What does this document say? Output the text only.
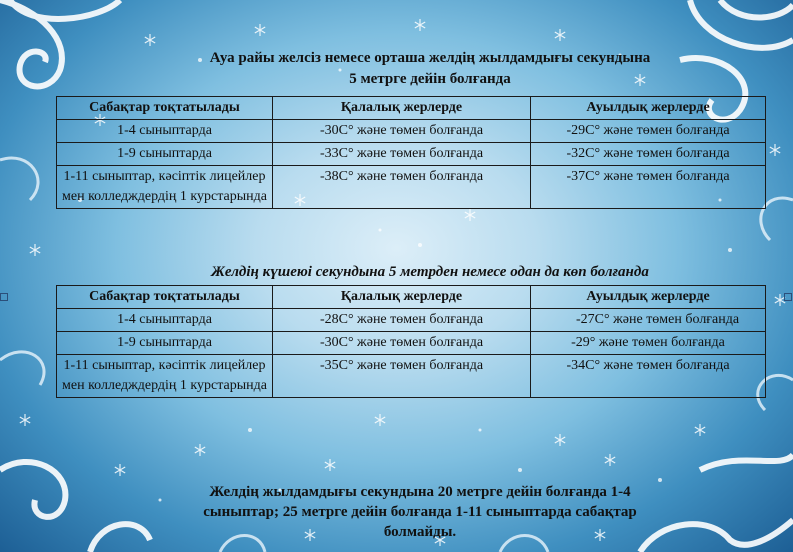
Ауа райы желсіз немесе орташа желдің жылдамдығы секундына
5 метрге дейін болғанда
Сабақтар тоқтатылады	Қалалық жерлерде	Ауылдық жерлерде
1-4 сыныптарда	-30С° және төмен болғанда	-29С° және төмен болғанда
1-9 сыныптарда	-33С° және төмен болғанда	-32С° және төмен болғанда
1-11 сыныптар, кәсіптік лицейлер мен колледждердің 1 курстарында	-38С° және төмен болғанда	-37С° және төмен болғанда
Желдің күшеюі секундына 5 метрден немесе одан да көп болғанда
Сабақтар тоқтатылады	Қалалық жерлерде	Ауылдық жерлерде
1-4 сыныптарда	-28С° және төмен болғанда	-27С° және төмен болғанда
1-9 сыныптарда	-30С° және төмен болғанда	-29° және төмен болғанда
1-11 сыныптар, кәсіптік лицейлер мен колледждердің 1 курстарында	-35С° және төмен болғанда	-34С° және төмен болғанда
Желдің жылдамдығы секундына 20 метрге дейін болғанда 1-4
сыныптар; 25 метрге дейін болғанда 1-11 сыныптарда сабақтар
болмайды.
